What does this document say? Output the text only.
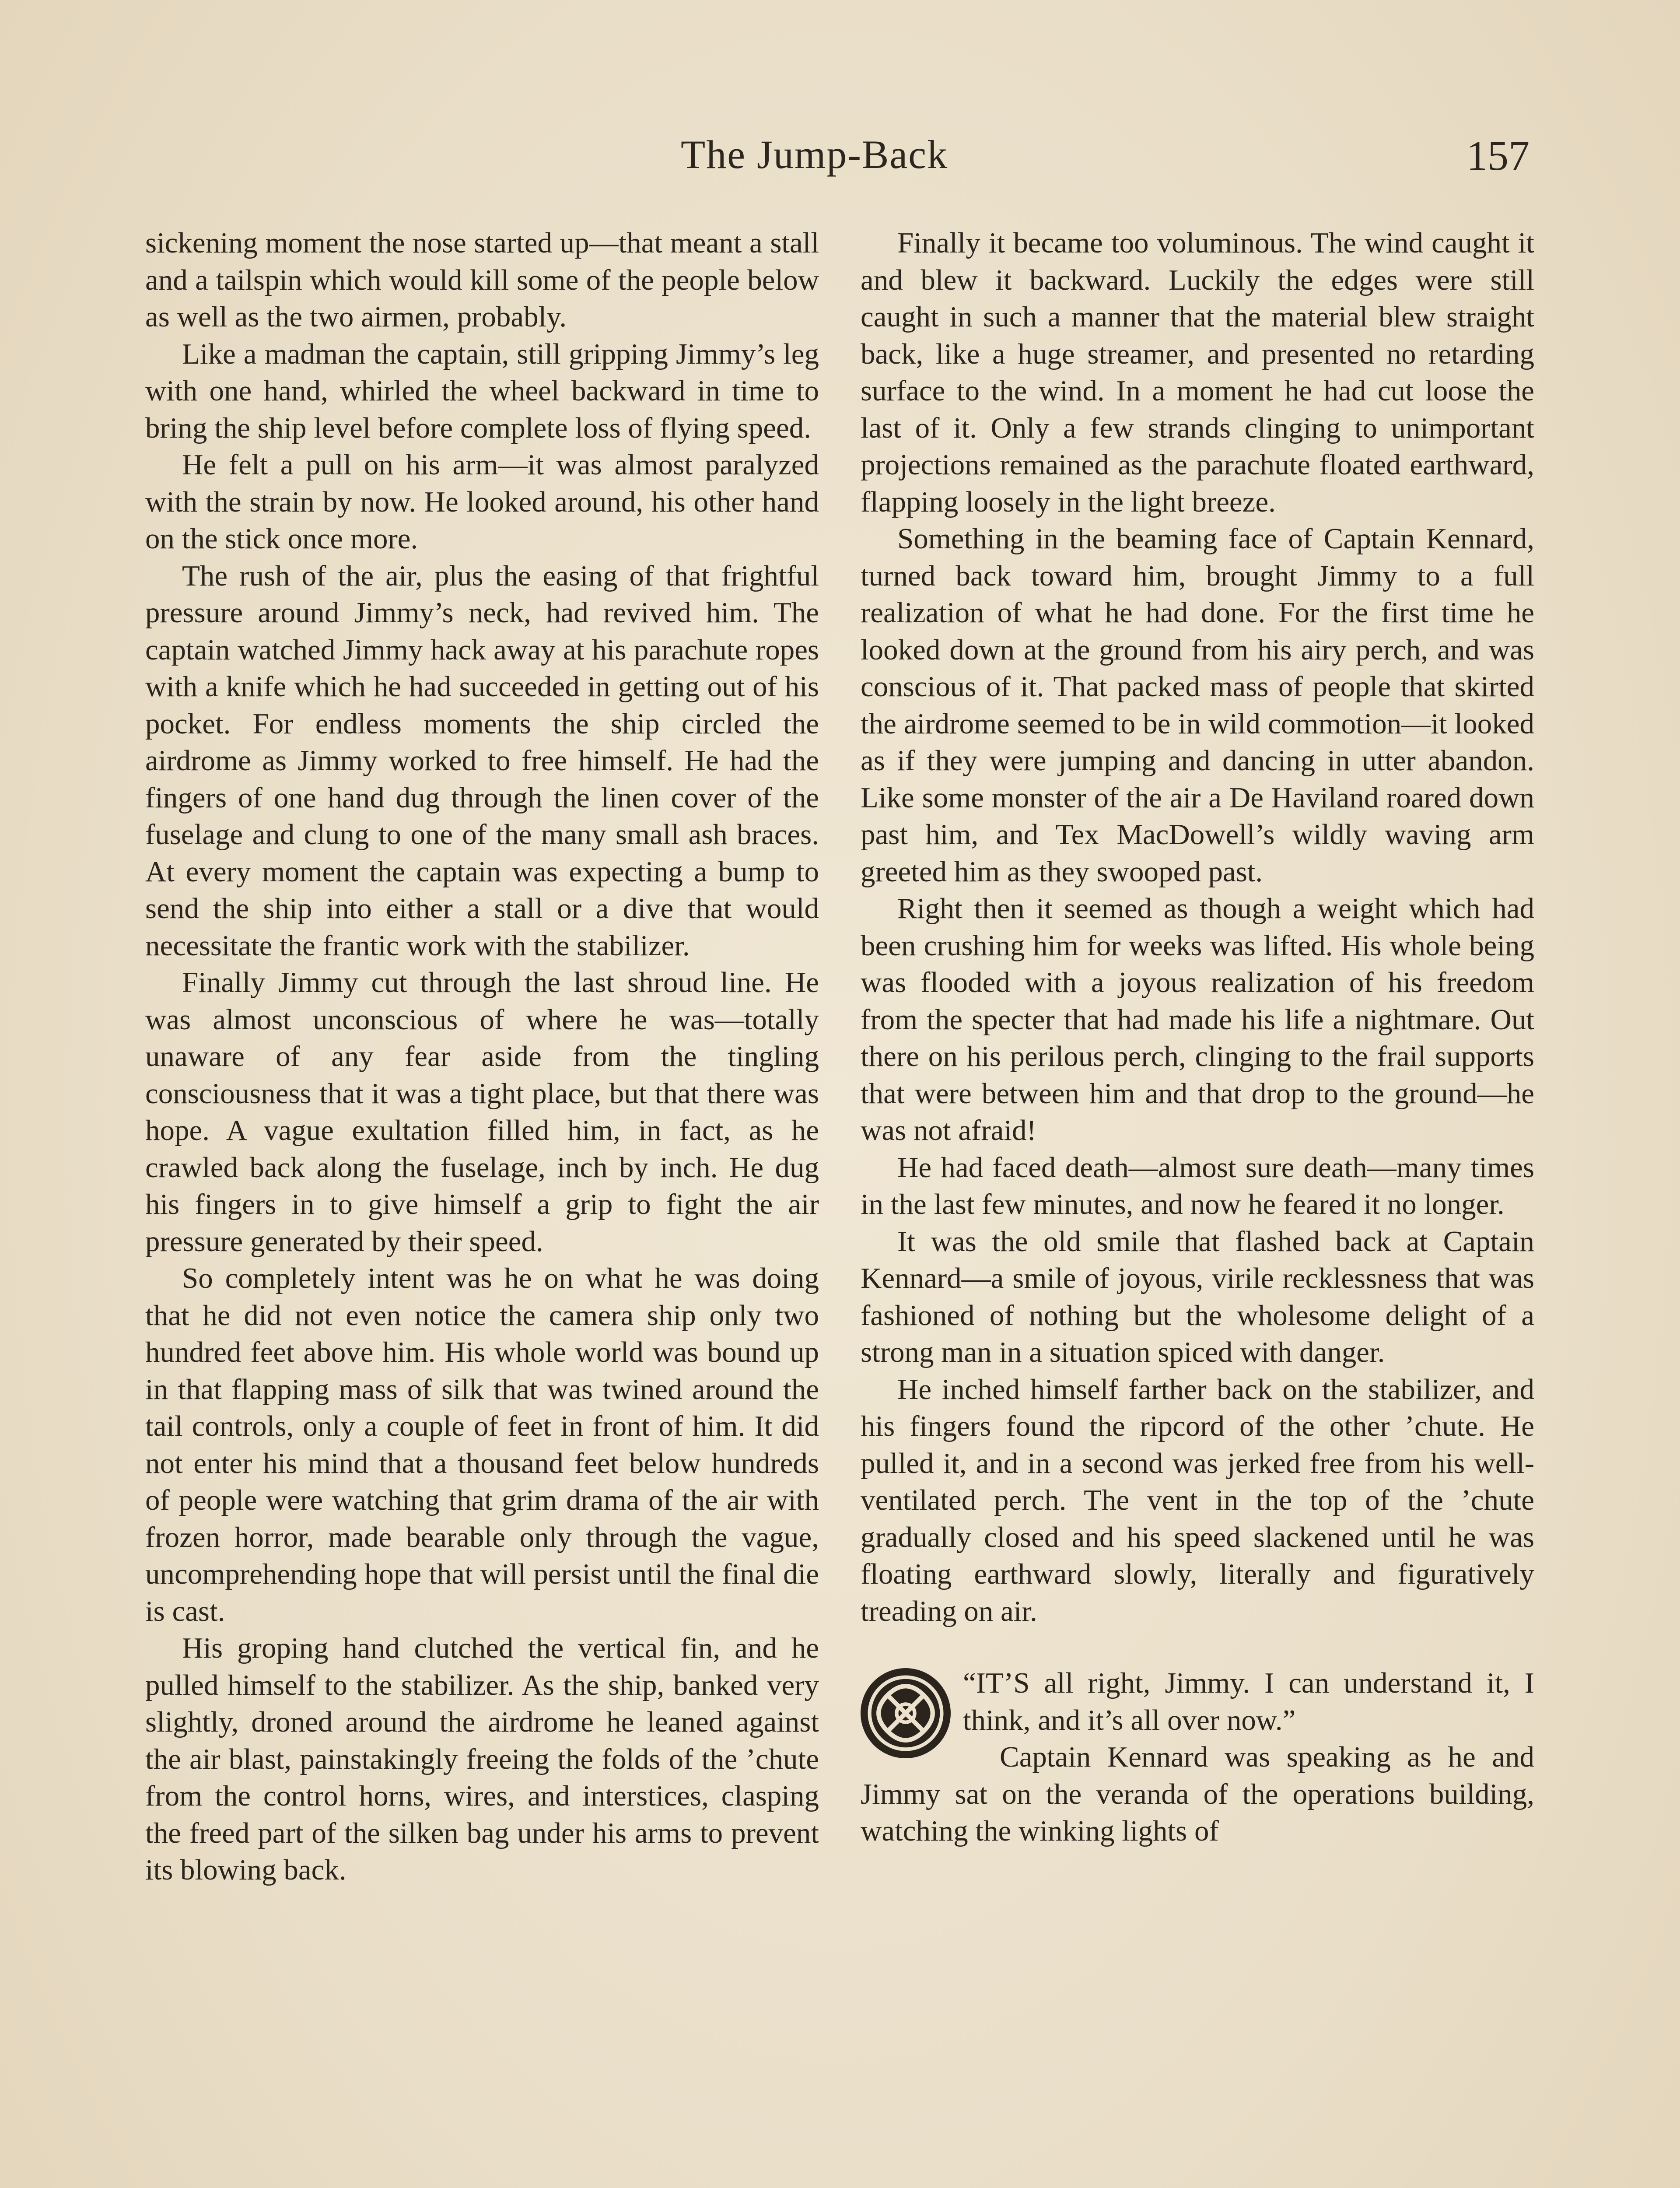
The Jump-Back	157

sickening moment the nose started up—that meant a stall and a tailspin which would kill some of the people below as well as the two airmen, probably.

Like a madman the captain, still gripping Jimmy’s leg with one hand, whirled the wheel backward in time to bring the ship level before complete loss of flying speed.

He felt a pull on his arm—it was almost paralyzed with the strain by now. He looked around, his other hand on the stick once more.

The rush of the air, plus the easing of that frightful pressure around Jimmy’s neck, had revived him. The captain watched Jimmy hack away at his parachute ropes with a knife which he had succeeded in getting out of his pocket. For endless moments the ship circled the airdrome as Jimmy worked to free himself. He had the fingers of one hand dug through the linen cover of the fuselage and clung to one of the many small ash braces. At every moment the captain was expecting a bump to send the ship into either a stall or a dive that would necessitate the frantic work with the stabilizer.

Finally Jimmy cut through the last shroud line. He was almost unconscious of where he was—totally unaware of any fear aside from the tingling consciousness that it was a tight place, but that there was hope. A vague exultation filled him, in fact, as he crawled back along the fuselage, inch by inch. He dug his fingers in to give himself a grip to fight the air pressure generated by their speed.

So completely intent was he on what he was doing that he did not even notice the camera ship only two hundred feet above him. His whole world was bound up in that flapping mass of silk that was twined around the tail controls, only a couple of feet in front of him. It did not enter his mind that a thousand feet below hundreds of people were watching that grim drama of the air with frozen horror, made bearable only through the vague, uncomprehending hope that will persist until the final die is cast.

His groping hand clutched the vertical fin, and he pulled himself to the stabilizer. As the ship, banked very slightly, droned around the airdrome he leaned against the air blast, painstakingly freeing the folds of the ’chute from the control horns, wires, and interstices, clasping the freed part of the silken bag under his arms to prevent its blowing back.

Finally it became too voluminous. The wind caught it and blew it backward. Luckily the edges were still caught in such a manner that the material blew straight back, like a huge streamer, and presented no retarding surface to the wind. In a moment he had cut loose the last of it. Only a few strands clinging to unimportant projections remained as the parachute floated earthward, flapping loosely in the light breeze.

Something in the beaming face of Captain Kennard, turned back toward him, brought Jimmy to a full realization of what he had done. For the first time he looked down at the ground from his airy perch, and was conscious of it. That packed mass of people that skirted the airdrome seemed to be in wild commotion—it looked as if they were jumping and dancing in utter abandon. Like some monster of the air a De Haviland roared down past him, and Tex MacDowell’s wildly waving arm greeted him as they swooped past.

Right then it seemed as though a weight which had been crushing him for weeks was lifted. His whole being was flooded with a joyous realization of his freedom from the specter that had made his life a nightmare. Out there on his perilous perch, clinging to the frail supports that were between him and that drop to the ground—he was not afraid!

He had faced death—almost sure death—many times in the last few minutes, and now he feared it no longer.

It was the old smile that flashed back at Captain Kennard—a smile of joyous, virile recklessness that was fashioned of nothing but the wholesome delight of a strong man in a situation spiced with danger.

He inched himself farther back on the stabilizer, and his fingers found the ripcord of the other ’chute. He pulled it, and in a second was jerked free from his well-ventilated perch. The vent in the top of the ’chute gradually closed and his speed slackened until he was floating earthward slowly, literally and figuratively treading on air.

“IT’S all right, Jimmy. I can understand it, I think, and it’s all over now.”

Captain Kennard was speaking as he and Jimmy sat on the veranda of the operations building, watching the winking lights of
